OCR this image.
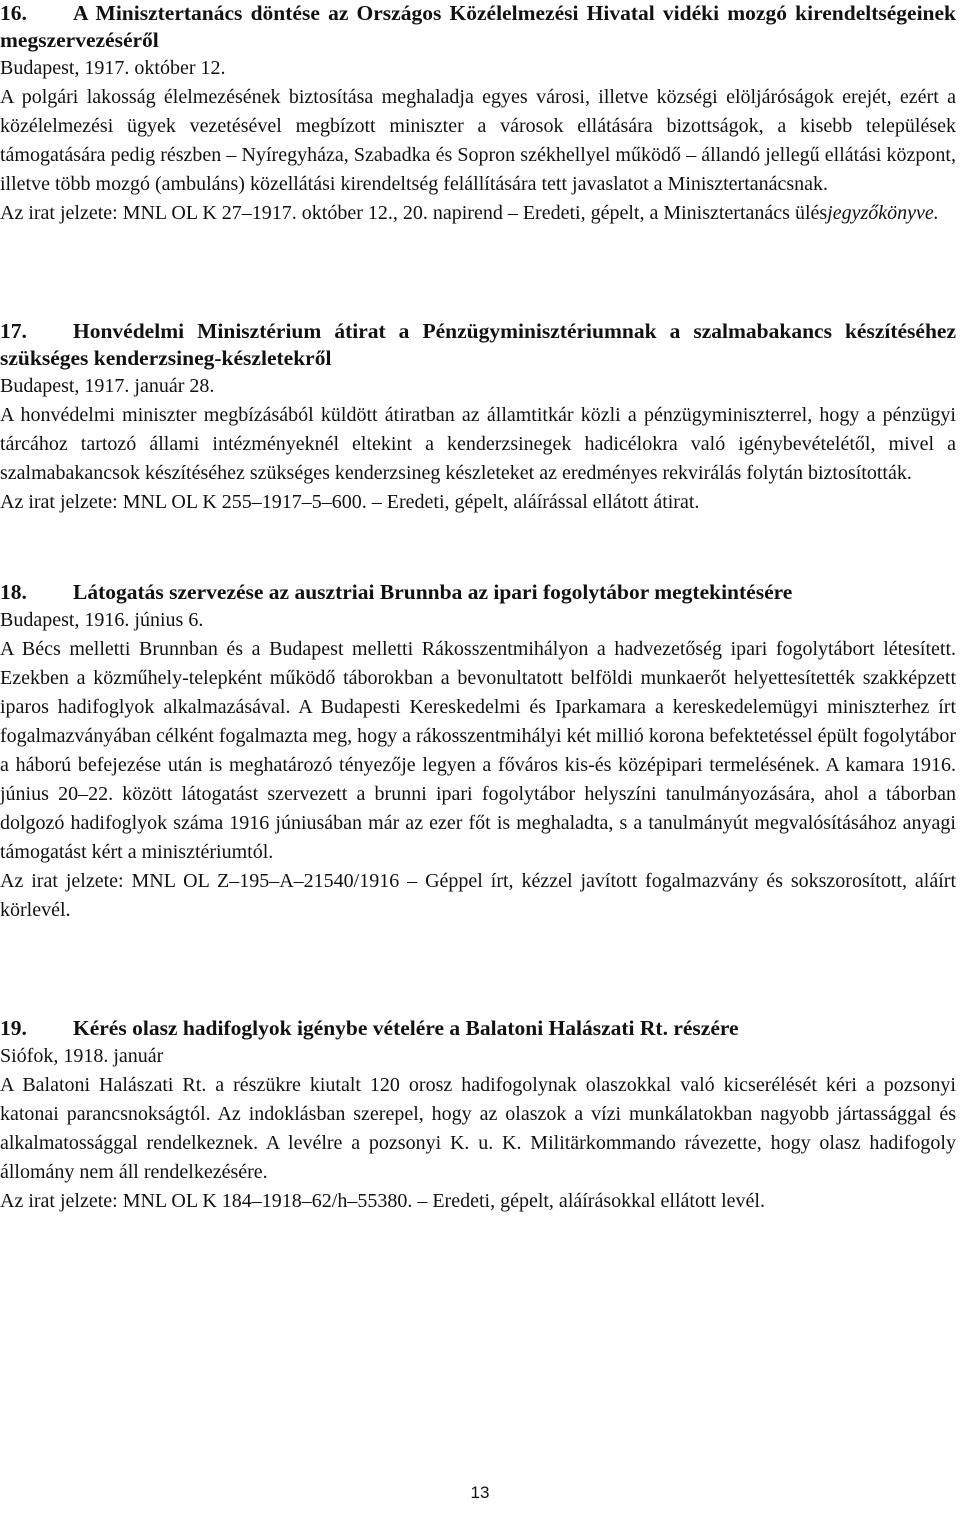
16. A Minisztertanács döntése az Országos Közélelmezési Hivatal vidéki mozgó kirendeltségeinek megszervezéséről
Budapest, 1917. október 12.
A polgári lakosság élelmezésének biztosítása meghaladja egyes városi, illetve községi elöljáróságok erejét, ezért a közélelmezési ügyek vezetésével megbízott miniszter a városok ellátására bizottságok, a kisebb települések támogatására pedig részben – Nyíregyháza, Szabadka és Sopron székhellyel működő – állandó jellegű ellátási központ, illetve több mozgó (ambuláns) közellátási kirendeltség felállítására tett javaslatot a Minisztertanácsnak.
Az irat jelzete: MNL OL K 27–1917. október 12., 20. napirend – Eredeti, gépelt, a Minisztertanács ülésjegyzőkönyve.
17. Honvédelmi Minisztérium átirat a Pénzügyminisztériumnak a szalmabakancs készítéséhez szükséges kenderzsineg-készletekről
Budapest, 1917. január 28.
A honvédelmi miniszter megbízásából küldött átiratban az államtitkár közli a pénzügyminiszterrel, hogy a pénzügyi tárcához tartozó állami intézményeknél eltekint a kenderzsinegek hadicélokra való igénybevételétől, mivel a szalmabakancsok készítéséhez szükséges kenderzsineg készleteket az eredményes rekvirálás folytán biztosították.
Az irat jelzete: MNL OL K 255–1917–5–600. – Eredeti, gépelt, aláírással ellátott átirat.
18. Látogatás szervezése az ausztriai Brunnba az ipari fogolytábor megtekintésére
Budapest, 1916. június 6.
A Bécs melletti Brunnban és a Budapest melletti Rákosszentmihályon a hadvezetőség ipari fogolytábort létesített. Ezekben a közműhely-telepként működő táborokban a bevonultatott belföldi munkaerőt helyettesítették szakképzett iparos hadifoglyok alkalmazásával. A Budapesti Kereskedelmi és Iparkamara a kereskedelemügyi miniszterhez írt fogalmazványában célként fogalmazta meg, hogy a rákosszentmihályi két millió korona befektetéssel épült fogolytábor a háború befejezése után is meghatározó tényezője legyen a főváros kis-és középipari termelésének. A kamara 1916. június 20–22. között látogatást szervezett a brunni ipari fogolytábor helyszíni tanulmányozására, ahol a táborban dolgozó hadifoglyok száma 1916 júniusában már az ezer főt is meghaladta, s a tanulmányút megvalósításához anyagi támogatást kért a minisztériumtól.
Az irat jelzete: MNL OL Z–195–A–21540/1916 – Géppel írt, kézzel javított fogalmazvány és sokszorosított, aláírt körlevél.
19. Kérés olasz hadifoglyok igénybe vételére a Balatoni Halászati Rt. részére
Siófok, 1918. január
A Balatoni Halászati Rt. a részükre kiutalt 120 orosz hadifogolynak olaszokkal való kicserélését kéri a pozsonyi katonai parancsnokságtól. Az indoklásban szerepel, hogy az olaszok a vízi munkálatokban nagyobb jártassággal és alkalmatossággal rendelkeznek. A levélre a pozsonyi K. u. K. Militärkommando rávezette, hogy olasz hadifogoly állomány nem áll rendelkezésére.
Az irat jelzete: MNL OL K 184–1918–62/h–55380. – Eredeti, gépelt, aláírásokkal ellátott levél.
13
